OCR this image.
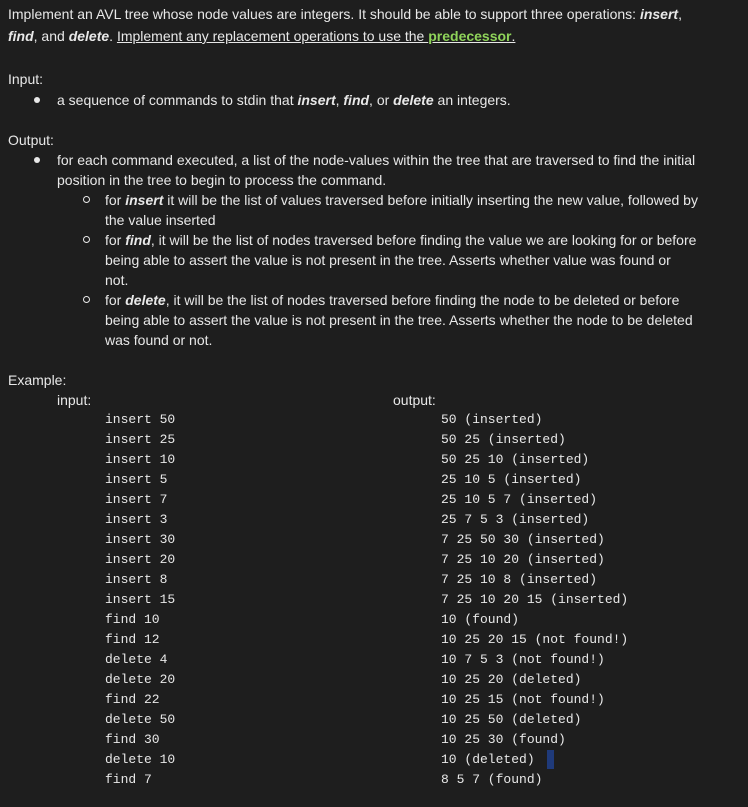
Implement an AVL tree whose node values are integers. It should be able to support three operations: insert,
find, and delete. Implement any replacement operations to use the predecessor.
Input:
a sequence of commands to stdin that insert, find, or delete an integers.
Output:
for each command executed, a list of the node-values within the tree that are traversed to find the initial
position in the tree to begin to process the command.
for insert it will be the list of values traversed before initially inserting the new value, followed by
the value inserted
for find, it will be the list of nodes traversed before finding the value we are looking for or before
being able to assert the value is not present in the tree. Asserts whether value was found or
not.
for delete, it will be the list of nodes traversed before finding the node to be deleted or before
being able to assert the value is not present in the tree. Asserts whether the node to be deleted
was found or not.
Example:
input:	output:
insert 50
insert 25
insert 10
insert 5
insert 7
insert 3
insert 30
insert 20
insert 8
insert 15
find 10
find 12
delete 4
delete 20
find 22
delete 50
find 30
delete 10
find 7
50 (inserted)
50 25 (inserted)
50 25 10 (inserted)
25 10 5 (inserted)
25 10 5 7 (inserted)
25 7 5 3 (inserted)
7 25 50 30 (inserted)
7 25 10 20 (inserted)
7 25 10 8 (inserted)
7 25 10 20 15 (inserted)
10 (found)
10 25 20 15 (not found!)
10 7 5 3 (not found!)
10 25 20 (deleted)
10 25 15 (not found!)
10 25 50 (deleted)
10 25 30 (found)
10 (deleted)
8 5 7 (found)
